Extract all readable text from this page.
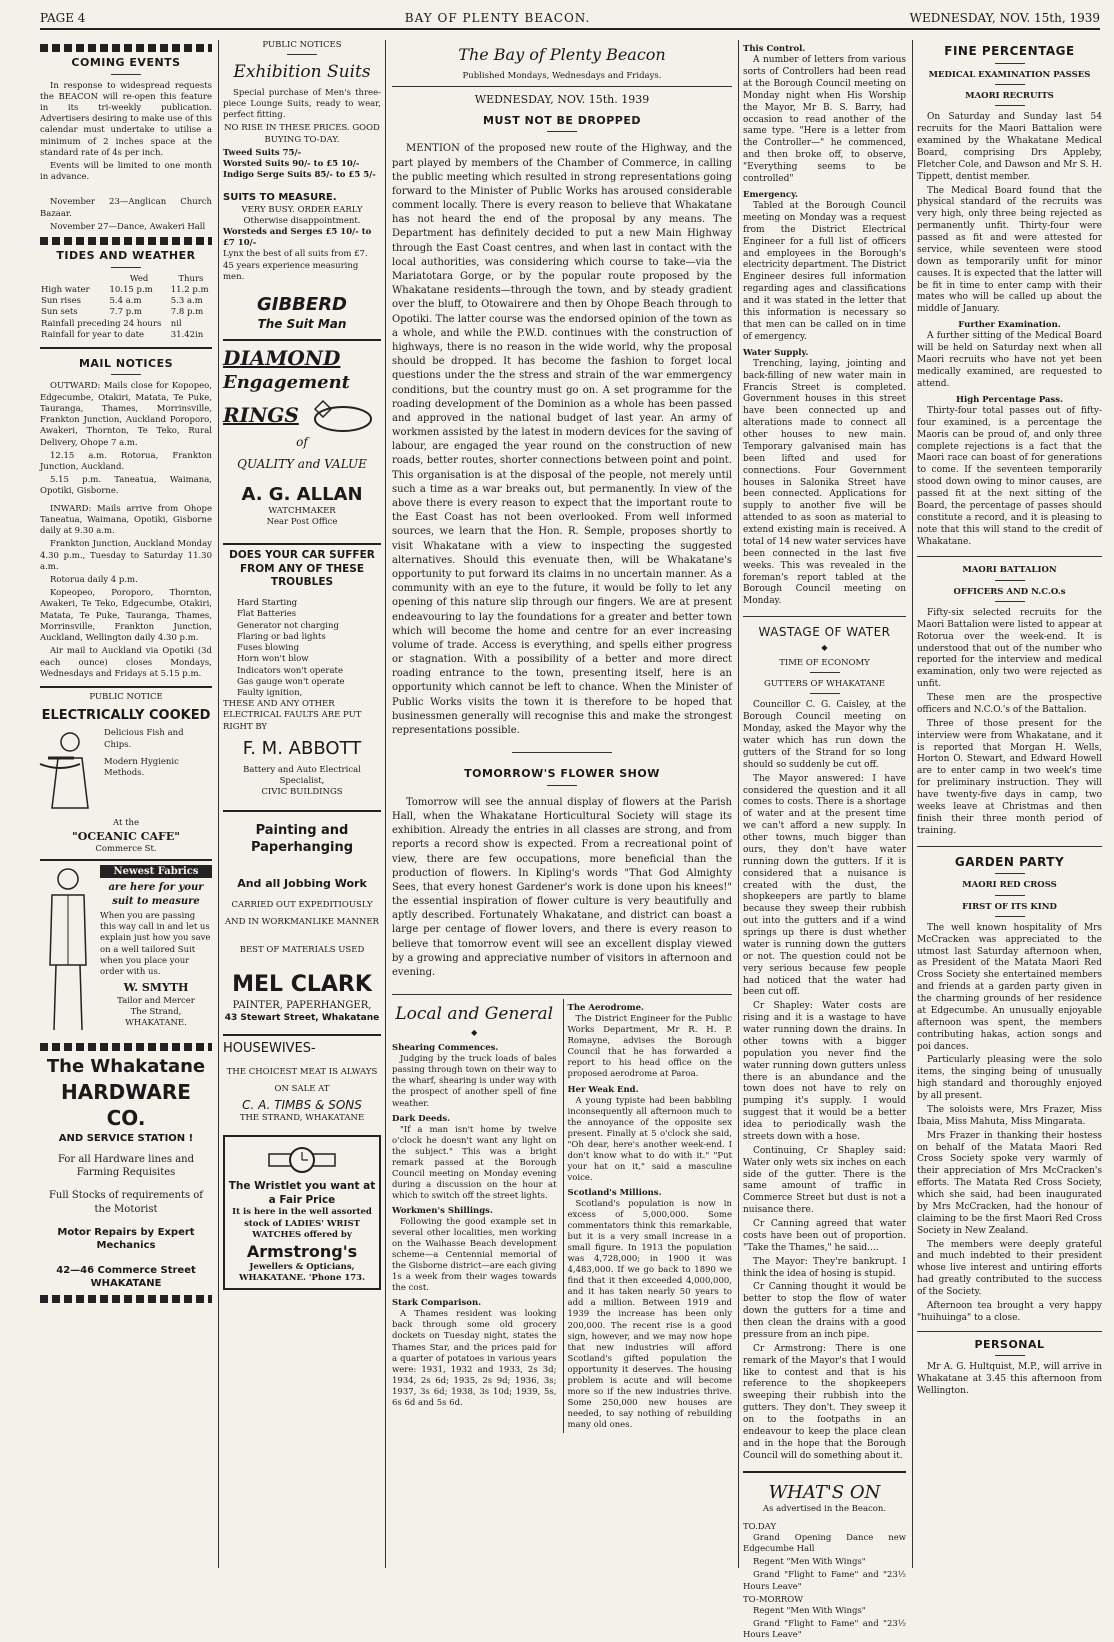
PAGE 4	BAY OF PLENTY BEACON.	WEDNESDAY, NOV. 15th, 1939
COMING EVENTS

In response to widespread requests the BEACON will re-open this feature in its tri-weekly publication. Advertisers desiring to make use of this calendar must undertake to utilise a minimum of 2 inches space at the standard rate of 4s per inch.

Events will be limited to one month in advance.

November 23—Anglican Church Bazaar.

November 27—Dance, Awakeri Hall

TIDES AND WEATHER
	Wed	Thurs
High water	10.15 p.m	11.2 p.m
Sun rises	5.4 a.m	5.3 a.m
Sun sets	7.7 p.m	7.8 p.m
Rainfall preceding 24 hours		nil
Rainfall for year to date		31.42in
MAIL NOTICES

OUTWARD: Mails close for Kopopeo, Edgecumbe, Otakiri, Matata, Te Puke, Tauranga, Thames, Morrinsville, Frankton Junction, Auckland Poroporo, Awakeri, Thornton, Te Teko, Rural Delivery, Ohope 7 a.m.

12.15 a.m. Rotorua, Frankton Junction, Auckland.

5.15 p.m. Taneatua, Waimana, Opotiki, Gisborne.

INWARD: Mails arrive from Ohope Taneatua, Waimana, Opotiki, Gisborne daily at 9.30 a.m.

Frankton Junction, Auckland Monday 4.30 p.m., Tuesday to Saturday 11.30 a.m.

Rotorua daily 4 p.m.

Kopeopeo, Poroporo, Thornton, Awakeri, Te Teko, Edgecumbe, Otakiri, Matata, Te Puke, Tauranga, Thames, Morrinsville, Frankton Junction, Auckland, Wellington daily 4.30 p.m.

Air mail to Auckland via Opotiki (3d each ounce) closes Mondays, Wednesdays and Fridays at 5.15 p.m.

PUBLIC NOTICE
ELECTRICALLY COOKED
Delicious Fish and Chips.
Modern Hygienic Methods.
At the
"OCEANIC CAFE"
Commerce St.
Newest Fabrics
are here for your suit to measure
When you are passing this way call in and let us explain just how you save on a well tailored Suit when you place your order with us.
W. SMYTH
Tailor and Mercer
The Strand,
WHAKATANE.
The Whakatane
HARDWARE CO.
AND SERVICE STATION !
For all Hardware lines and Farming Requisites
Full Stocks of requirements of the Motorist
Motor Repairs by Expert Mechanics
42—46 Commerce Street
WHAKATANE
PUBLIC NOTICES
Exhibition Suits

Special purchase of Men's three-piece Lounge Suits, ready to wear, perfect fitting.

NO RISE IN THESE PRICES. GOOD BUYING TO-DAY.

Tweed Suits 75/-
Worsted Suits 90/- to £5 10/-
Indigo Serge Suits 85/- to £5 5/-
SUITS TO MEASURE.
VERY BUSY. ORDER EARLY Otherwise disappointment.
Worsteds and Serges £5 10/- to £7 10/-
Lynx the best of all suits from £7. 45 years experience measuring men.
GIBBERD
The Suit Man
DIAMOND
Engagement
RINGS
of
QUALITY and VALUE
A. G. ALLAN
WATCHMAKER
Near Post Office
DOES YOUR CAR SUFFER FROM ANY OF THESE TROUBLES
Hard Starting
Flat Batteries
Generator not charging
Flaring or bad lights
Fuses blowing
Horn won't blow
Indicators won't operate
Gas gauge won't operate
Faulty ignition,
THESE AND ANY OTHER ELECTRICAL FAULTS ARE PUT RIGHT BY
F. M. ABBOTT
Battery and Auto Electrical Specialist,
CIVIC BUILDINGS
Painting and Paperhanging
And all Jobbing Work
CARRIED OUT EXPEDITIOUSLY AND IN WORKMANLIKE MANNER
BEST OF MATERIALS USED
MEL CLARK
PAINTER, PAPERHANGER,
43 Stewart Street, Whakatane
HOUSEWIVES-
THE CHOICEST MEAT IS ALWAYS ON SALE AT
C. A. TIMBS & SONS
THE STRAND, WHAKATANE
The Wristlet you want at a Fair Price
It is here in the well assorted stock of LADIES' WRIST WATCHES offered by
Armstrong's
Jewellers & Opticians, WHAKATANE. 'Phone 173.
The Bay of Plenty Beacon
Published Mondays, Wednesdays and Fridays.
WEDNESDAY, NOV. 15th. 1939
MUST NOT BE DROPPED

MENTION of the proposed new route of the Highway, and the part played by members of the Chamber of Commerce, in calling the public meeting which resulted in strong representations going forward to the Minister of Public Works has aroused considerable comment locally. There is every reason to believe that Whakatane has not heard the end of the proposal by any means. The Department has definitely decided to put a new Main Highway through the East Coast centres, and when last in contact with the local authorities, was considering which course to take—via the Mariatotara Gorge, or by the popular route proposed by the Whakatane residents—through the town, and by steady gradient over the bluff, to Otowairere and then by Ohope Beach through to Opotiki. The latter course was the endorsed opinion of the town as a whole, and while the P.W.D. continues with the construction of highways, there is no reason in the wide world, why the proposal should be dropped. It has become the fashion to forget local questions under the the stress and strain of the war emmergency conditions, but the country must go on. A set programme for the roading development of the Dominion as a whole has been passed and approved in the national budget of last year. An army of workmen assisted by the latest in modern devices for the saving of labour, are engaged the year round on the construction of new roads, better routes, shorter connections between point and point. This organisation is at the disposal of the people, not merely until such a time as a war breaks out, but permanently. In view of the above there is every reason to expect that the important route to the East Coast has not been overlooked. From well informed sources, we learn that the Hon. R. Semple, proposes shortly to visit Whakatane with a view to inspecting the suggested alternatives. Should this evenuate then, will be Whakatane's opportunity to put forward its claims in no uncertain manner. As a community with an eye to the future, it would be folly to let any opening of this nature slip through our fingers. We are at present endeavouring to lay the foundations for a greater and better town which will become the home and centre for an ever increasing volume of trade. Access is everything, and spells either progress or stagnation. With a possibility of a better and more direct roading entrance to the town, presenting itself, here is an opportunity which cannot be left to chance. When the Minister of Public Works visits the town it is therefore to be hoped that businessmen generally will recognise this and make the strongest representations possible.

TOMORROW'S FLOWER SHOW

Tomorrow will see the annual display of flowers at the Parish Hall, when the Whakatane Horticultural Society will stage its exhibition. Already the entries in all classes are strong, and from reports a record show is expected. From a recreational point of view, there are few occupations, more beneficial than the production of flowers. In Kipling's words "That God Almighty Sees, that every honest Gardener's work is done upon his knees!" the essential inspiration of flower culture is very beautifully and aptly described. Fortunately Whakatane, and district can boast a large per centage of flower lovers, and there is every reason to believe that tomorrow event will see an excellent display viewed by a growing and appreciative number of visitors in afternoon and evening.

Local and General
◆
Shearing Commences.

Judging by the truck loads of bales passing through town on their way to the wharf, shearing is under way with the prospect of another spell of fine weather.

Dark Deeds.

"If a man isn't home by twelve o'clock he doesn't want any light on the subject." This was a bright remark passed at the Borough Council meeting on Monday evening during a discussion on the hour at which to switch off the street lights.

Workmen's Shillings.

Following the good example set in several other localities, men working on the Waihasse Beach development scheme—a Centennial memorial of the Gisborne district—are each giving 1s a week from their wages towards the cost.

Stark Comparison.

A Thames resident was looking back through some old grocery dockets on Tuesday night, states the Thames Star, and the prices paid for a quarter of potatoes in various years were: 1931, 1932 and 1933, 2s 3d; 1934, 2s 6d; 1935, 2s 9d; 1936, 3s; 1937, 3s 6d; 1938, 3s 10d; 1939, 5s, 6s 6d and 5s 6d.

The Aerodrome.

The District Engineer for the Public Works Department, Mr R. H. P. Romayne, advises the Borough Council that he has forwarded a report to his head office on the proposed aerodrome at Paroa.

Her Weak End.

A young typiste had been babbling inconsequently all afternoon much to the annoyance of the opposite sex present. Finally at 5 o'clock she said, "Oh dear, here's another week-end. I don't know what to do with it." "Put your hat on it," said a masculine voice.

Scotland's Millions.

Scotland's population is now in excess of 5,000,000. Some commentators think this remarkable, but it is a very small increase in a small figure. In 1913 the population was 4,728,000; in 1900 it was 4,483,000. If we go back to 1890 we find that it then exceeded 4,000,000, and it has taken nearly 50 years to add a million. Between 1919 and 1939 the increase has been only 200,000. The recent rise is a good sign, however, and we may now hope that new industries will afford Scotland's gifted population the opportunity it deserves. The housing problem is acute and will become more so if the new industries thrive. Some 250,000 new houses are needed, to say nothing of rebuilding many old ones.

This Control.

A number of letters from various sorts of Controllers had been read at the Borough Council meeting on Monday night when His Worship the Mayor, Mr B. S. Barry, had occasion to read another of the same type. "Here is a letter from the Controller—" he commenced, and then broke off, to observe, "Everything seems to be controlled"

Emergency.

Tabled at the Borough Council meeting on Monday was a request from the District Electrical Engineer for a full list of officers and employees in the Borough's electricity department. The District Engineer desires full information regarding ages and classifications and it was stated in the letter that this information is necessary so that men can be called on in time of emergency.

Water Supply.

Trenching, laying, jointing and back-filling of new water main in Francis Street is completed. Government houses in this street have been connected up and alterations made to connect all other houses to new main. Temporary galvanised main has been lifted and used for connections. Four Government houses in Salonika Street have been connected. Applications for supply to another five will be attended to as soon as material to extend existing main is received. A total of 14 new water services have been connected in the last five weeks. This was revealed in the foreman's report tabled at the Borough Council meeting on Monday.

WASTAGE OF WATER
◆
TIME OF ECONOMY
GUTTERS OF WHAKATANE

Councillor C. G. Caisley, at the Borough Council meeting on Monday, asked the Mayor why the water which has run down the gutters of the Strand for so long should so suddenly be cut off.

The Mayor answered: I have considered the question and it all comes to costs. There is a shortage of water and at the present time we can't afford a new supply. In other towns, much bigger than ours, they don't have water running down the gutters. If it is considered that a nuisance is created with the dust, the shopkeepers are partly to blame because they sweep their rubbish out into the gutters and if a wind springs up there is dust whether water is running down the gutters or not. The question could not be very serious because few people had noticed that the water had been cut off.

Cr Shapley: Water costs are rising and it is a wastage to have water running down the drains. In other towns with a bigger population you never find the water running down gutters unless there is an abundance and the town does not have to rely on pumping it's supply. I would suggest that it would be a better idea to periodically wash the streets down with a hose.

Continuing, Cr Shapley said: Water only wets six inches on each side of the gutter. There is the same amount of traffic in Commerce Street but dust is not a nuisance there.

Cr Canning agreed that water costs have been out of proportion. "Take the Thames," he said....

The Mayor: They're bankrupt. I think the idea of hosing is stupid.

Cr Canning thought it would be better to stop the flow of water down the gutters for a time and then clean the drains with a good pressure from an inch pipe.

Cr Armstrong: There is one remark of the Mayor's that I would like to contest and that is his reference to the shopkeepers sweeping their rubbish into the gutters. They don't. They sweep it on to the footpaths in an endeavour to keep the place clean and in the hope that the Borough Council will do something about it.

WHAT'S ON
As advertised in the Beacon.
TO.DAY

Grand Opening Dance new Edgecumbe Hall

Regent "Men With Wings"

Grand "Flight to Fame" and "23½ Hours Leave"

TO-MORROW

Regent "Men With Wings"

Grand "Flight to Fame" and "23½ Hours Leave"

FINE PERCENTAGE
MEDICAL EXAMINATION PASSES
MAORI RECRUITS

On Saturday and Sunday last 54 recruits for the Maori Battalion were examined by the Whakatane Medical Board, comprising Drs Appleby, Fletcher Cole, and Dawson and Mr S. H. Tippett, dentist member.

The Medical Board found that the physical standard of the recruits was very high, only three being rejected as permanently unfit. Thirty-four were passed as fit and were attested for service, while seventeen were stood down as temporarily unfit for minor causes. It is expected that the latter will be fit in time to enter camp with their mates who will be called up about the middle of January.

Further Examination.

A further sitting of the Medical Board will be held on Saturday next when all Maori recruits who have not yet been medically examined, are requested to attend.

High Percentage Pass.

Thirty-four total passes out of fifty-four examined, is a percentage the Maoris can be proud of, and only three complete rejections is a fact that the Maori race can boast of for generations to come. If the seventeen temporarily stood down owing to minor causes, are passed fit at the next sitting of the Board, the percentage of passes should constitute a record, and it is pleasing to note that this will stand to the credit of Whakatane.

MAORI BATTALION
OFFICERS AND N.C.O.s

Fifty-six selected recruits for the Maori Battalion were listed to appear at Rotorua over the week-end. It is understood that out of the number who reported for the interview and medical examination, only two were rejected as unfit.

These men are the prospective officers and N.C.O.'s of the Battalion.

Three of those present for the interview were from Whakatane, and it is reported that Morgan H. Wells, Horton O. Stewart, and Edward Howell are to enter camp in two week's time for preliminary instruction. They will have twenty-five days in camp, two weeks leave at Christmas and then finish their three month period of training.

GARDEN PARTY
MAORI RED CROSS
FIRST OF ITS KIND

The well known hospitality of Mrs McCracken was appreciated to the utmost last Saturday afternoon when, as President of the Matata Maori Red Cross Society she entertained members and friends at a garden party given in the charming grounds of her residence at Edgecumbe. An unusually enjoyable afternoon was spent, the members contributing hakas, action songs and poi dances.

Particularly pleasing were the solo items, the singing being of unusually high standard and thoroughly enjoyed by all present.

The soloists were, Mrs Frazer, Miss Ibaia, Miss Mahuta, Miss Mingarata.

Mrs Frazer in thanking their hostess on behalf of the Matata Maori Red Cross Society spoke very warmly of their appreciation of Mrs McCracken's efforts. The Matata Red Cross Society, which she said, had been inaugurated by Mrs McCracken, had the honour of claiming to be the first Maori Red Cross Society in New Zealand.

The members were deeply grateful and much indebted to their president whose live interest and untiring efforts had greatly contributed to the success of the Society.

Afternoon tea brought a very happy "huihuinga" to a close.

PERSONAL

Mr A. G. Hultquist, M.P., will arrive in Whakatane at 3.45 this afternoon from Wellington.
